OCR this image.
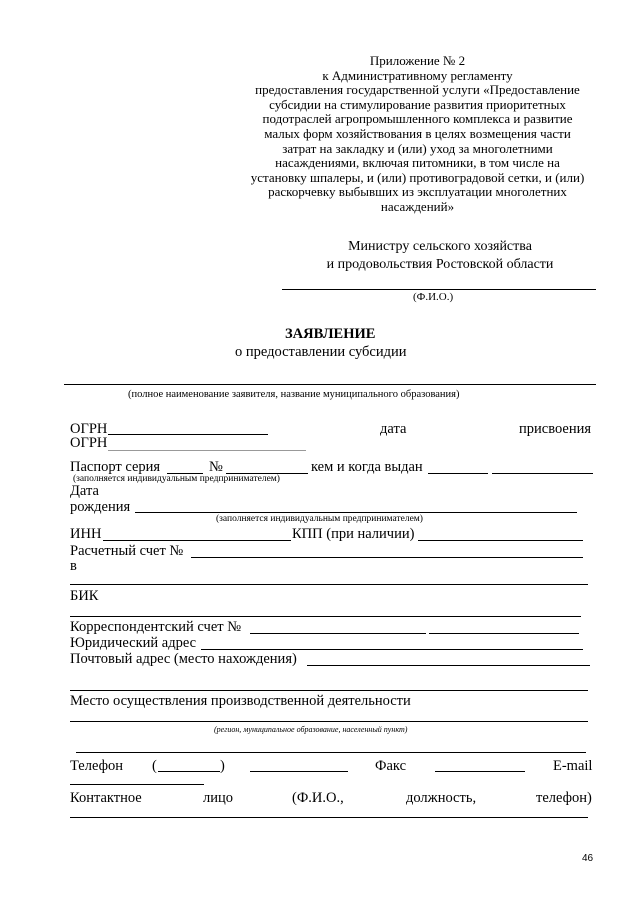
Приложение № 2
к Административному регламенту
предоставления государственной услуги «Предоставление
субсидии на стимулирование развития приоритетных
подотраслей агропромышленного комплекса и развитие
малых форм хозяйствования в целях возмещения части
затрат на закладку и (или) уход за многолетними
насаждениями, включая питомники, в том числе на
установку шпалеры, и (или) противоградовой сетки, и (или)
раскорчевку выбывших из эксплуатации многолетних
насаждений»
Министру сельского хозяйства
и продовольствия Ростовской области
(Ф.И.О.)
ЗАЯВЛЕНИЕ
о предоставлении субсидии
(полное наименование заявителя, название муниципального образования)
ОГРН	дата	присвоения
ОГРН
Паспорт серия	№	кем и когда выдан
(заполняется индивидуальным предпринимателем)
Дата
рождения
(заполняется индивидуальным предпринимателем)
ИНН	КПП (при наличии)
Расчетный счет №
в
БИК
Корреспондентский счет №
Юридический адрес
Почтовый адрес (место нахождения)
Место осуществления производственной деятельности
(регион, муниципальное образование, населенный пункт)
Телефон (	)	Факс	E-mail
Контактное	лицо	(Ф.И.О.,	должность,	телефон)
46
